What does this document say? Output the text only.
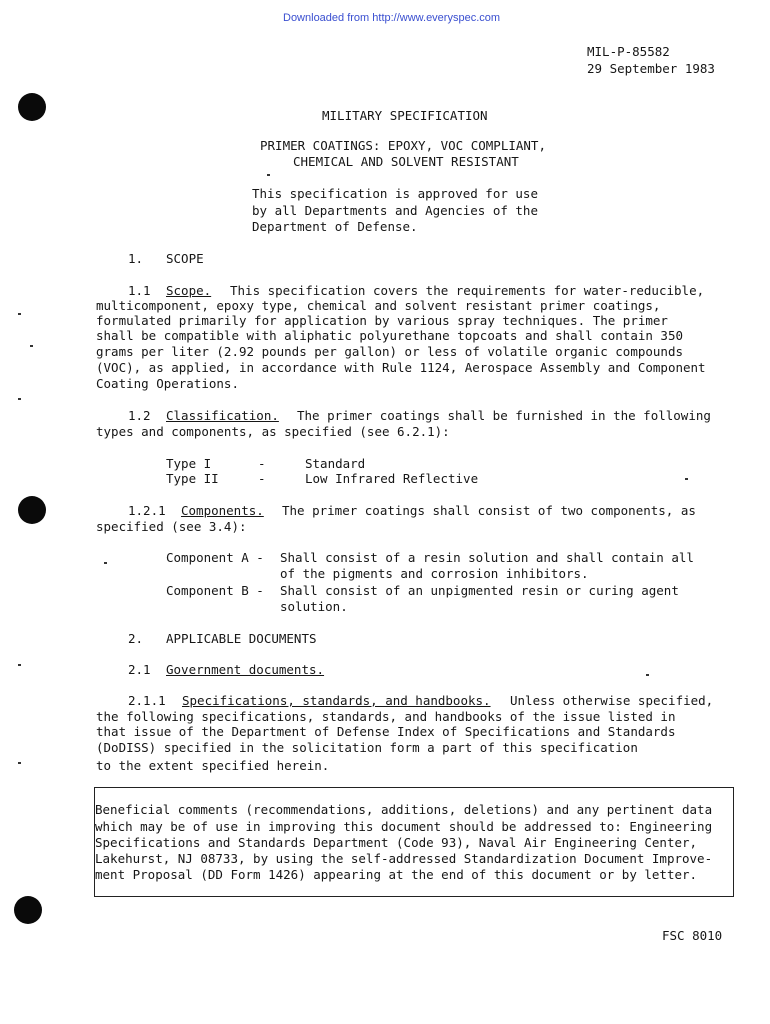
Downloaded from http://www.everyspec.com
MIL-P-85582
29 September 1983
MILITARY SPECIFICATION
PRIMER COATINGS: EPOXY, VOC COMPLIANT,
CHEMICAL AND SOLVENT RESISTANT
This specification is approved for use
by all Departments and Agencies of the
Department of Defense.
1. SCOPE
1.1 Scope. This specification covers the requirements for water-reducible,
multicomponent, epoxy type, chemical and solvent resistant primer coatings,
formulated primarily for application by various spray techniques. The primer
shall be compatible with aliphatic polyurethane topcoats and shall contain 350
grams per liter (2.92 pounds per gallon) or less of volatile organic compounds
(VOC), as applied, in accordance with Rule 1124, Aerospace Assembly and Component
Coating Operations.
1.2 Classification. The primer coatings shall be furnished in the following
types and components, as specified (see 6.2.1):
Type I	-	Standard
Type II	-	Low Infrared Reflective
1.2.1 Components. The primer coatings shall consist of two components, as
specified (see 3.4):
Component A - Shall consist of a resin solution and shall contain all
of the pigments and corrosion inhibitors.
Component B - Shall consist of an unpigmented resin or curing agent
solution.
2. APPLICABLE DOCUMENTS
2.1 Government documents.
2.1.1 Specifications, standards, and handbooks. Unless otherwise specified,
the following specifications, standards, and handbooks of the issue listed in
that issue of the Department of Defense Index of Specifications and Standards
(DoDISS) specified in the solicitation form a part of this specification
to the extent specified herein.
Beneficial comments (recommendations, additions, deletions) and any pertinent data
which may be of use in improving this document should be addressed to: Engineering
Specifications and Standards Department (Code 93), Naval Air Engineering Center,
Lakehurst, NJ 08733, by using the self-addressed Standardization Document Improve-
ment Proposal (DD Form 1426) appearing at the end of this document or by letter.
FSC 8010
